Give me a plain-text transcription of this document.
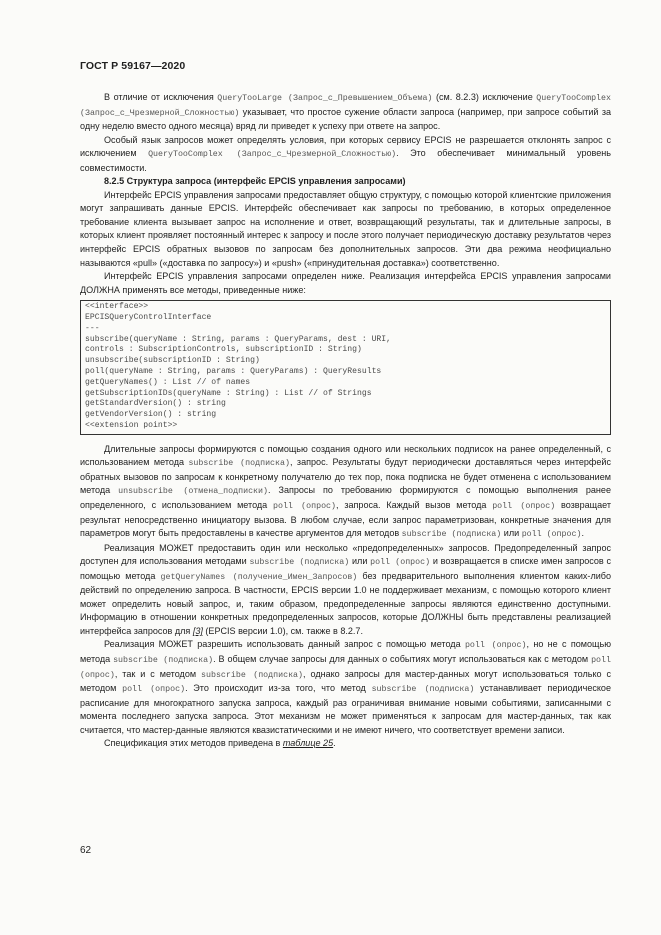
ГОСТ Р 59167—2020

В отличие от исключения QueryTooLarge (Запрос_с_Превышением_Объема) (см. 8.2.3) исключение QueryTooComplex (Запрос_с_Чрезмерной_Сложностью) указывает, что простое сужение области запроса (например, при запросе событий за одну неделю вместо одного месяца) вряд ли приведет к успеху при ответе на запрос.

Особый язык запросов может определять условия, при которых сервису EPCIS не разрешается отклонять запрос с исключением QueryTooComplex (Запрос_с_Чрезмерной_Сложностью). Это обеспечивает минимальный уровень совместимости.

8.2.5 Структура запроса (интерфейс EPCIS управления запросами)

Интерфейс EPCIS управления запросами предоставляет общую структуру, с помощью которой клиентские приложения могут запрашивать данные EPCIS. Интерфейс обеспечивает как запросы по требованию, в которых определенное требование клиента вызывает запрос на исполнение и ответ, возвращающий результаты, так и длительные запросы, в которых клиент проявляет постоянный интерес к запросу и после этого получает периодическую доставку результатов через интерфейс EPCIS обратных вызовов по запросам без дополнительных запросов. Эти два режима неофициально называются «pull» («доставка по запросу») и «push» («принудительная доставка») соответственно.

Интерфейс EPCIS управления запросами определен ниже. Реализация интерфейса EPCIS управления запросами ДОЛЖНА применять все методы, приведенные ниже:

<<interface>>
EPCISQueryControlInterface
---
subscribe(queryName : String, params : QueryParams, dest : URI,
controls : SubscriptionControls, subscriptionID : String)
unsubscribe(subscriptionID : String)
poll(queryName : String, params : QueryParams) : QueryResults
getQueryNames() : List // of names
getSubscriptionIDs(queryName : String) : List // of Strings
getStandardVersion() : string
getVendorVersion() : string
<<extension point>>

Длительные запросы формируются с помощью создания одного или нескольких подписок на ранее определенный, с использованием метода subscribe (подписка), запрос. Результаты будут периодически доставляться через интерфейс обратных вызовов по запросам к конкретному получателю до тех пор, пока подписка не будет отменена с использованием метода unsubscribe (отмена_подписки). Запросы по требованию формируются с помощью выполнения ранее определенного, с использованием метода poll (опрос), запроса. Каждый вызов метода poll (опрос) возвращает результат непосредственно инициатору вызова. В любом случае, если запрос параметризован, конкретные значения для параметров могут быть предоставлены в качестве аргументов для методов subscribe (подписка) или poll (опрос).

Реализация МОЖЕТ предоставить один или несколько «предопределенных» запросов. Предопределенный запрос доступен для использования методами subscribe (подписка) или poll (опрос) и возвращается в списке имен запросов с помощью метода getQueryNames (получение_Имен_Запросов) без предварительного выполнения клиентом каких-либо действий по определению запроса. В частности, EPCIS версии 1.0 не поддерживает механизм, с помощью которого клиент может определить новый запрос, и, таким образом, предопределенные запросы являются единственно доступными. Информацию в отношении конкретных предопределенных запросов, которые ДОЛЖНЫ быть представлены реализацией интерфейса запросов для [3] (EPCIS версии 1.0), см. также в 8.2.7.

Реализация МОЖЕТ разрешить использовать данный запрос с помощью метода poll (опрос), но не с помощью метода subscribe (подписка). В общем случае запросы для данных о событиях могут использоваться как с методом poll (опрос), так и с методом subscribe (подписка), однако запросы для мастер-данных могут использоваться только с методом poll (опрос). Это происходит из-за того, что метод subscribe (подписка) устанавливает периодическое расписание для многократного запуска запроса, каждый раз ограничивая внимание новыми событиями, записанными с момента последнего запуска запроса. Этот механизм не может применяться к запросам для мастер-данных, так как считается, что мастер-данные являются квазистатическими и не имеют ничего, что соответствует времени записи.

Спецификация этих методов приведена в таблице 25.

62
